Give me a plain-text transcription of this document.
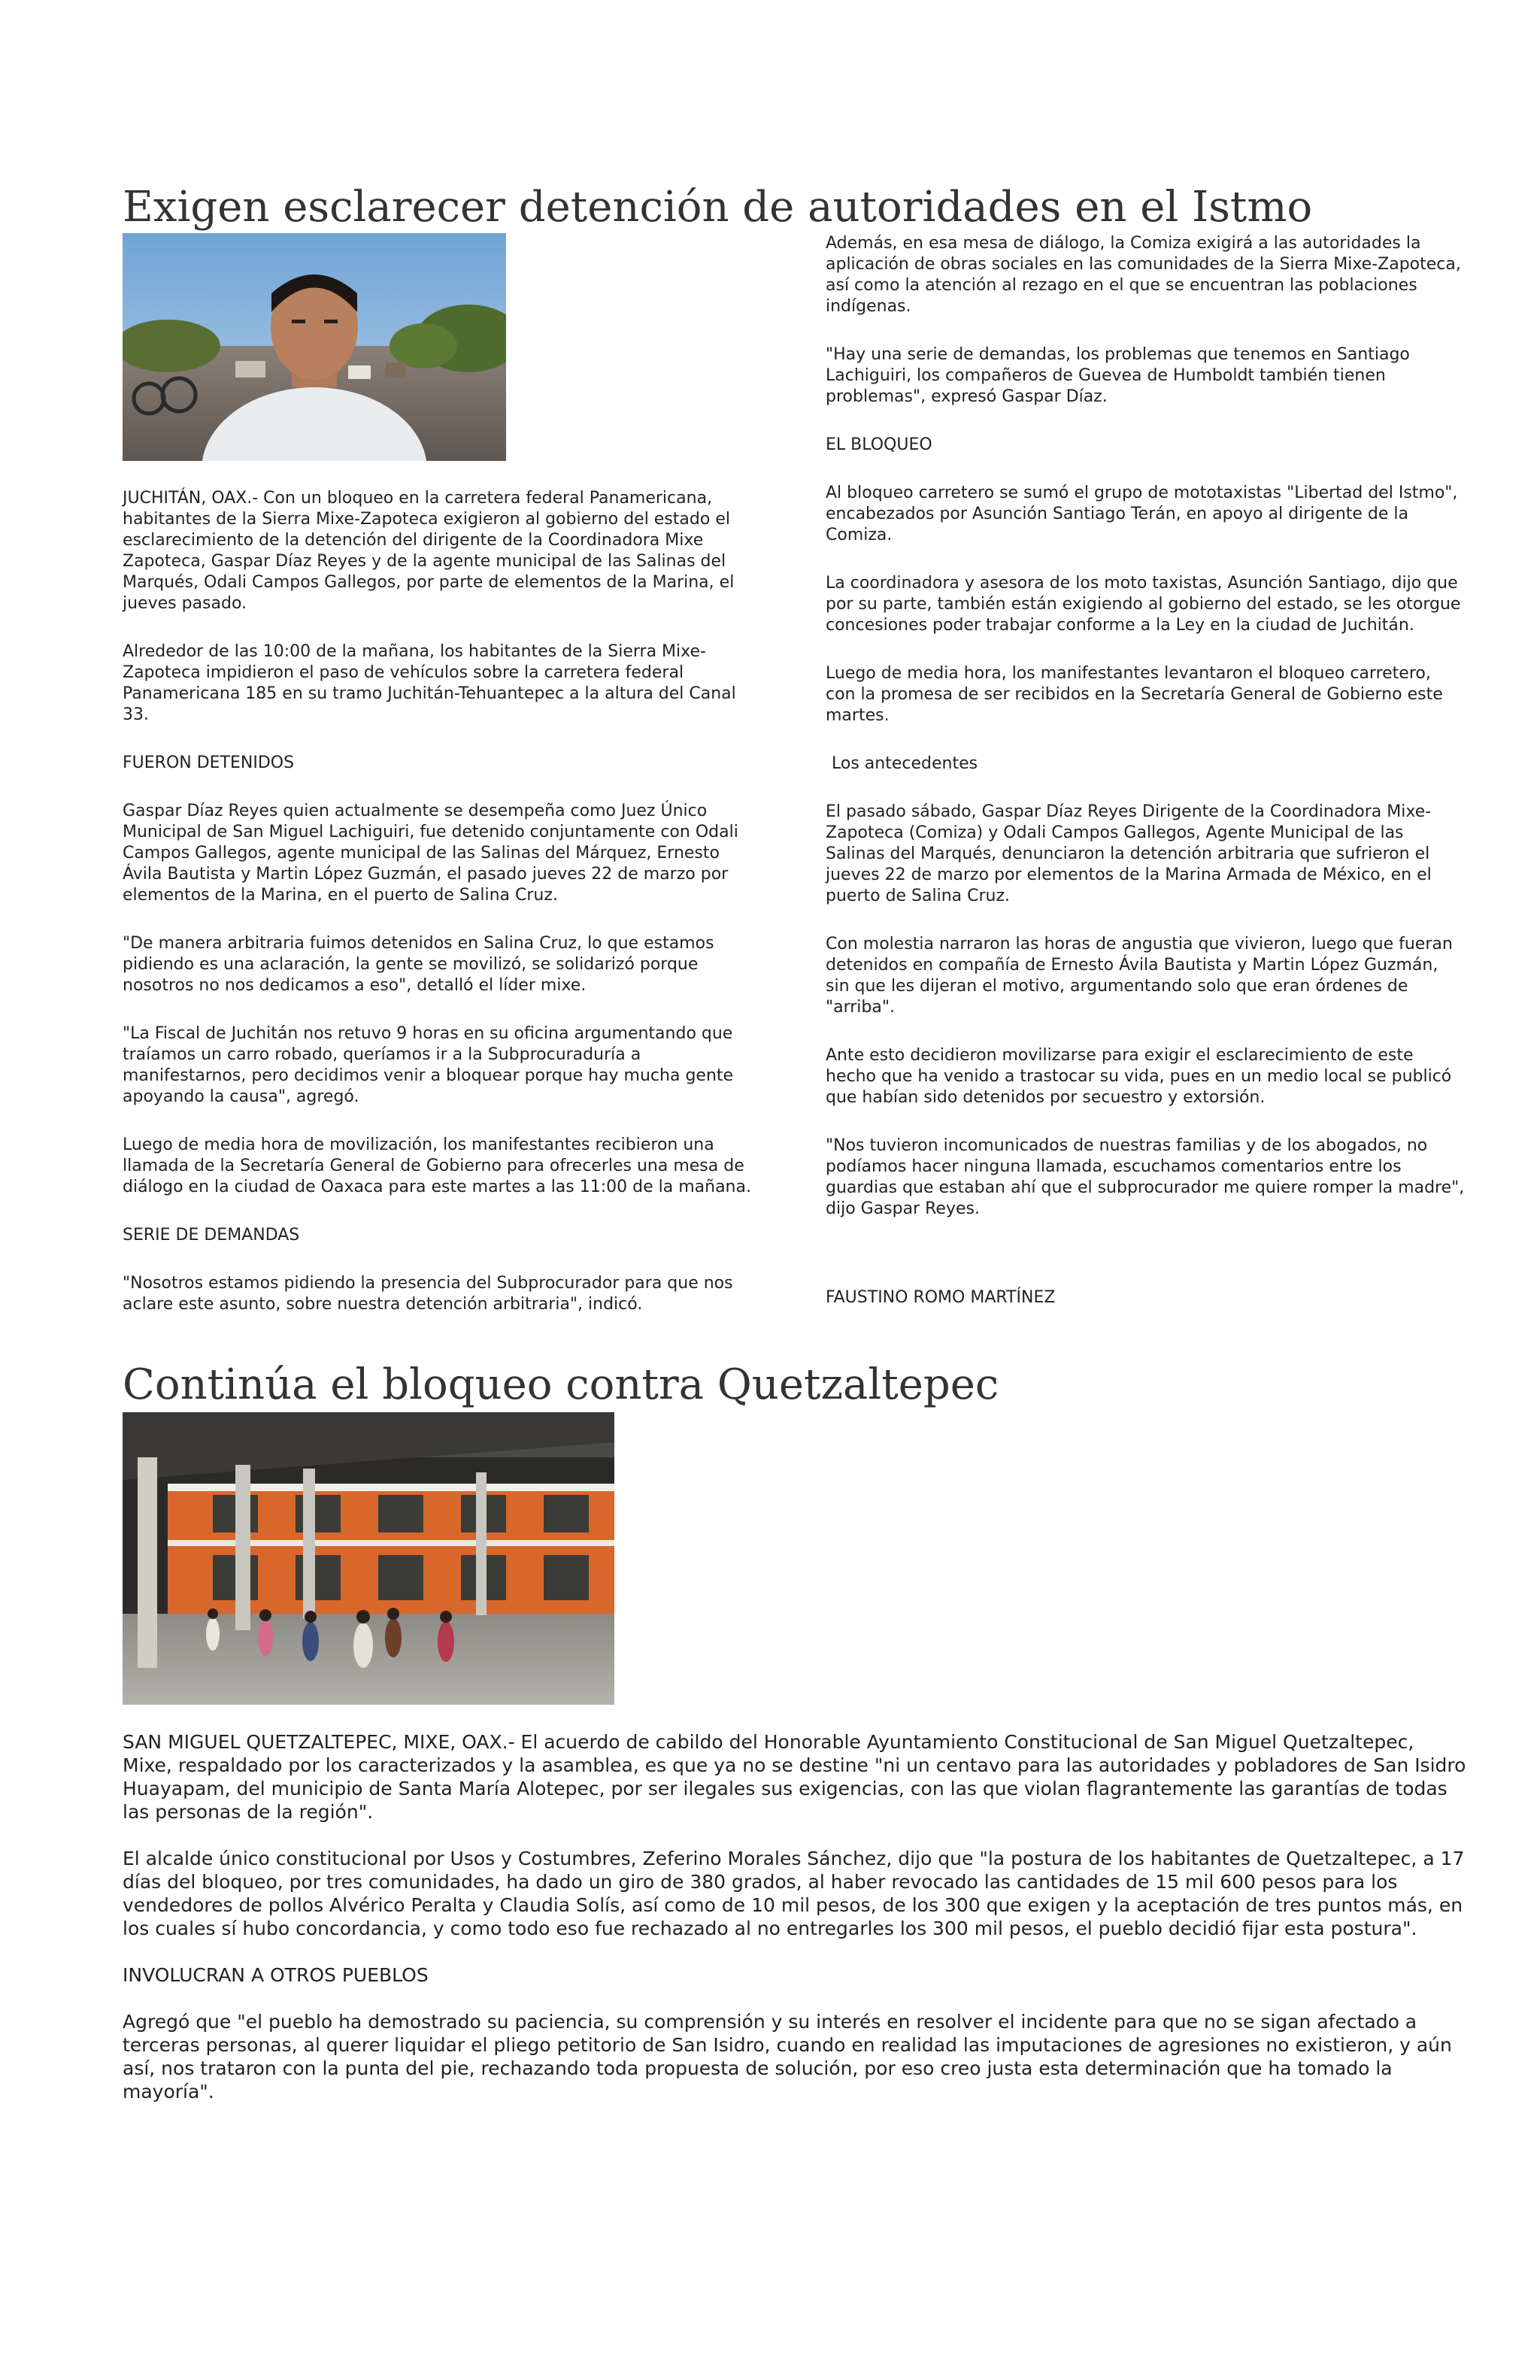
Exigen esclarecer detención de autoridades en el Istmo

JUCHITÁN, OAX.- Con un bloqueo en la carretera federal Panamericana, habitantes de la Sierra Mixe-Zapoteca exigieron al gobierno del estado el esclarecimiento de la detención del dirigente de la Coordinadora Mixe Zapoteca, Gaspar Díaz Reyes y de la agente municipal de las Salinas del Marqués, Odali Campos Gallegos, por parte de elementos de la Marina, el jueves pasado.

Alrededor de las 10:00 de la mañana, los habitantes de la Sierra Mixe-Zapoteca impidieron el paso de vehículos sobre la carretera federal Panamericana 185 en su tramo Juchitán-Tehuantepec a la altura del Canal 33.

FUERON DETENIDOS

Gaspar Díaz Reyes quien actualmente se desempeña como Juez Único Municipal de San Miguel Lachiguiri, fue detenido conjuntamente con Odali Campos Gallegos, agente municipal de las Salinas del Márquez, Ernesto Ávila Bautista y Martin López Guzmán, el pasado jueves 22 de marzo por elementos de la Marina, en el puerto de Salina Cruz.

"De manera arbitraria fuimos detenidos en Salina Cruz, lo que estamos pidiendo es una aclaración, la gente se movilizó, se solidarizó porque nosotros no nos dedicamos a eso", detalló el líder mixe.

"La Fiscal de Juchitán nos retuvo 9 horas en su oficina argumentando que traíamos un carro robado, queríamos ir a la Subprocuraduría a manifestarnos, pero decidimos venir a bloquear porque hay mucha gente apoyando la causa", agregó.

Luego de media hora de movilización, los manifestantes recibieron una llamada de la Secretaría General de Gobierno para ofrecerles una mesa de diálogo en la ciudad de Oaxaca para este martes a las 11:00 de la mañana.

SERIE DE DEMANDAS

"Nosotros estamos pidiendo la presencia del Subprocurador para que nos aclare este asunto, sobre nuestra detención arbitraria", indicó.

Además, en esa mesa de diálogo, la Comiza exigirá a las autoridades la aplicación de obras sociales en las comunidades de la Sierra Mixe-Zapoteca, así como la atención al rezago en el que se encuentran las poblaciones indígenas.

"Hay una serie de demandas, los problemas que tenemos en Santiago Lachiguiri, los compañeros de Guevea de Humboldt también tienen problemas", expresó Gaspar Díaz.

EL BLOQUEO

Al bloqueo carretero se sumó el grupo de mototaxistas "Libertad del Istmo", encabezados por Asunción Santiago Terán, en apoyo al dirigente de la Comiza.

La coordinadora y asesora de los moto taxistas, Asunción Santiago, dijo que por su parte, también están exigiendo al gobierno del estado, se les otorgue concesiones poder trabajar conforme a la Ley en la ciudad de Juchitán.

Luego de media hora, los manifestantes levantaron el bloqueo carretero, con la promesa de ser recibidos en la Secretaría General de Gobierno este martes.

Los antecedentes

El pasado sábado, Gaspar Díaz Reyes Dirigente de la Coordinadora Mixe-Zapoteca (Comiza) y Odali Campos Gallegos, Agente Municipal de las Salinas del Marqués, denunciaron la detención arbitraria que sufrieron el jueves 22 de marzo por elementos de la Marina Armada de México, en el puerto de Salina Cruz.

Con molestia narraron las horas de angustia que vivieron, luego que fueran detenidos en compañía de Ernesto Ávila Bautista y Martin López Guzmán, sin que les dijeran el motivo, argumentando solo que eran órdenes de "arriba".

Ante esto decidieron movilizarse para exigir el esclarecimiento de este hecho que ha venido a trastocar su vida, pues en un medio local se publicó que habían sido detenidos por secuestro y extorsión.

"Nos tuvieron incomunicados de nuestras familias y de los abogados, no podíamos hacer ninguna llamada, escuchamos comentarios entre los guardias que estaban ahí que el subprocurador me quiere romper la madre", dijo Gaspar Reyes.

FAUSTINO ROMO MARTÍNEZ

Continúa el bloqueo contra Quetzaltepec

SAN MIGUEL QUETZALTEPEC, MIXE, OAX.- El acuerdo de cabildo del Honorable Ayuntamiento Constitucional de San Miguel Quetzaltepec, Mixe, respaldado por los caracterizados y la asamblea, es que ya no se destine "ni un centavo para las autoridades y pobladores de San Isidro Huayapam, del municipio de Santa María Alotepec, por ser ilegales sus exigencias, con las que violan flagrantemente las garantías de todas las personas de la región".

El alcalde único constitucional por Usos y Costumbres, Zeferino Morales Sánchez, dijo que "la postura de los habitantes de Quetzaltepec, a 17 días del bloqueo, por tres comunidades, ha dado un giro de 380 grados, al haber revocado las cantidades de 15 mil 600 pesos para los vendedores de pollos Alvérico Peralta y Claudia Solís, así como de 10 mil pesos, de los 300 que exigen y la aceptación de tres puntos más, en los cuales sí hubo concordancia, y como todo eso fue rechazado al no entregarles los 300 mil pesos, el pueblo decidió fijar esta postura".

INVOLUCRAN A OTROS PUEBLOS

Agregó que "el pueblo ha demostrado su paciencia, su comprensión y su interés en resolver el incidente para que no se sigan afectado a terceras personas, al querer liquidar el pliego petitorio de San Isidro, cuando en realidad las imputaciones de agresiones no existieron, y aún así, nos trataron con la punta del pie, rechazando toda propuesta de solución, por eso creo justa esta determinación que ha tomado la mayoría".
